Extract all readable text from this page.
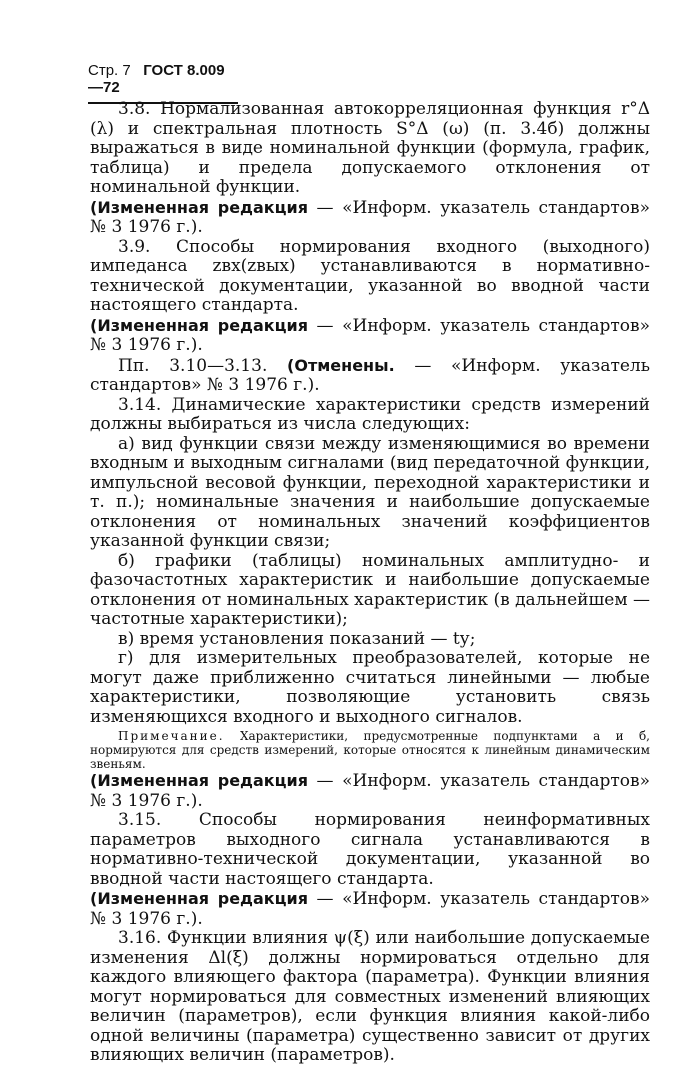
Стр. 7 ГОСТ 8.009—72

3.8. Нормализованная автокорреляционная функция r°Δ (λ) и спектральная плотность S°Δ (ω) (п. 3.4б) должны выражаться в виде номинальной функции (формула, график, таблица) и предела допускаемого отклонения от номинальной функции.

(Измененная редакция — «Информ. указатель стандартов» № 3 1976 г.).

3.9. Способы нормирования входного (выходного) импеданса zвх(zвых) устанавливаются в нормативно-технической документации, указанной во вводной части настоящего стандарта.

(Измененная редакция — «Информ. указатель стандартов» № 3 1976 г.).

Пп. 3.10—3.13. (Отменены. — «Информ. указатель стандартов» № 3 1976 г.).

3.14. Динамические характеристики средств измерений должны выбираться из числа следующих:

а) вид функции связи между изменяющимися во времени входным и выходным сигналами (вид передаточной функции, импульсной весовой функции, переходной характеристики и т. п.); номинальные значения и наибольшие допускаемые отклонения от номинальных значений коэффициентов указанной функции связи;

б) графики (таблицы) номинальных амплитудно- и фазочастотных характеристик и наибольшие допускаемые отклонения от номинальных характеристик (в дальнейшем — частотные характеристики);

в) время установления показаний — tу;

г) для измерительных преобразователей, которые не могут даже приближенно считаться линейными — любые характеристики, позволяющие установить связь изменяющихся входного и выходного сигналов.

Примечание. Характеристики, предусмотренные подпунктами а и б, нормируются для средств измерений, которые относятся к линейным динамическим звеньям.

(Измененная редакция — «Информ. указатель стандартов» № 3 1976 г.).

3.15. Способы нормирования неинформативных параметров выходного сигнала устанавливаются в нормативно-технической документации, указанной во вводной части настоящего стандарта.

(Измененная редакция — «Информ. указатель стандартов» № 3 1976 г.).

3.16. Функции влияния ψ(ξ) или наибольшие допускаемые изменения Δl(ξ) должны нормироваться отдельно для каждого влияющего фактора (параметра). Функции влияния могут нормироваться для совместных изменений влияющих величин (параметров), если функция влияния какой-либо одной величины (параметра) существенно зависит от других влияющих величин (параметров).
